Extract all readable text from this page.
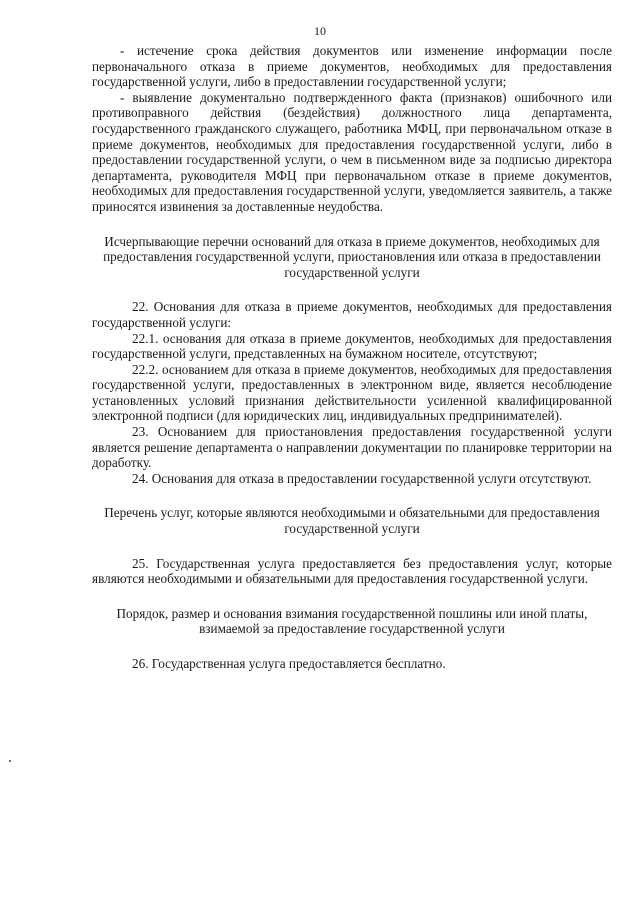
10

- истечение срока действия документов или изменение информации после первоначального отказа в приеме документов, необходимых для предоставления государственной услуги, либо в предоставлении государственной услуги;

- выявление документально подтвержденного факта (признаков) ошибочного или противоправного действия (бездействия) должностного лица департамента, государственного гражданского служащего, работника МФЦ, при первоначальном отказе в приеме документов, необходимых для предоставления государственной услуги, либо в предоставлении государственной услуги, о чем в письменном виде за подписью директора департамента, руководителя МФЦ при первоначальном отказе в приеме документов, необходимых для предоставления государственной услуги, уведомляется заявитель, а также приносятся извинения за доставленные неудобства.

Исчерпывающие перечни оснований для отказа в приеме документов, необходимых для предоставления государственной услуги, приостановления или отказа в предоставлении государственной услуги

22. Основания для отказа в приеме документов, необходимых для предоставления государственной услуги:

22.1. основания для отказа в приеме документов, необходимых для предоставления государственной услуги, представленных на бумажном носителе, отсутствуют;

22.2. основанием для отказа в приеме документов, необходимых для предоставления государственной услуги, предоставленных в электронном виде, является несоблюдение установленных условий признания действительности усиленной квалифицированной электронной подписи (для юридических лиц, индивидуальных предпринимателей).

23. Основанием для приостановления предоставления государственной услуги является решение департамента о направлении документации по планировке территории на доработку.

24. Основания для отказа в предоставлении государственной услуги отсутствуют.

Перечень услуг, которые являются необходимыми и обязательными для предоставления государственной услуги

25. Государственная услуга предоставляется без предоставления услуг, которые являются необходимыми и обязательными для предоставления государственной услуги.

Порядок, размер и основания взимания государственной пошлины или иной платы, взимаемой за предоставление государственной услуги

26. Государственная услуга предоставляется бесплатно.
